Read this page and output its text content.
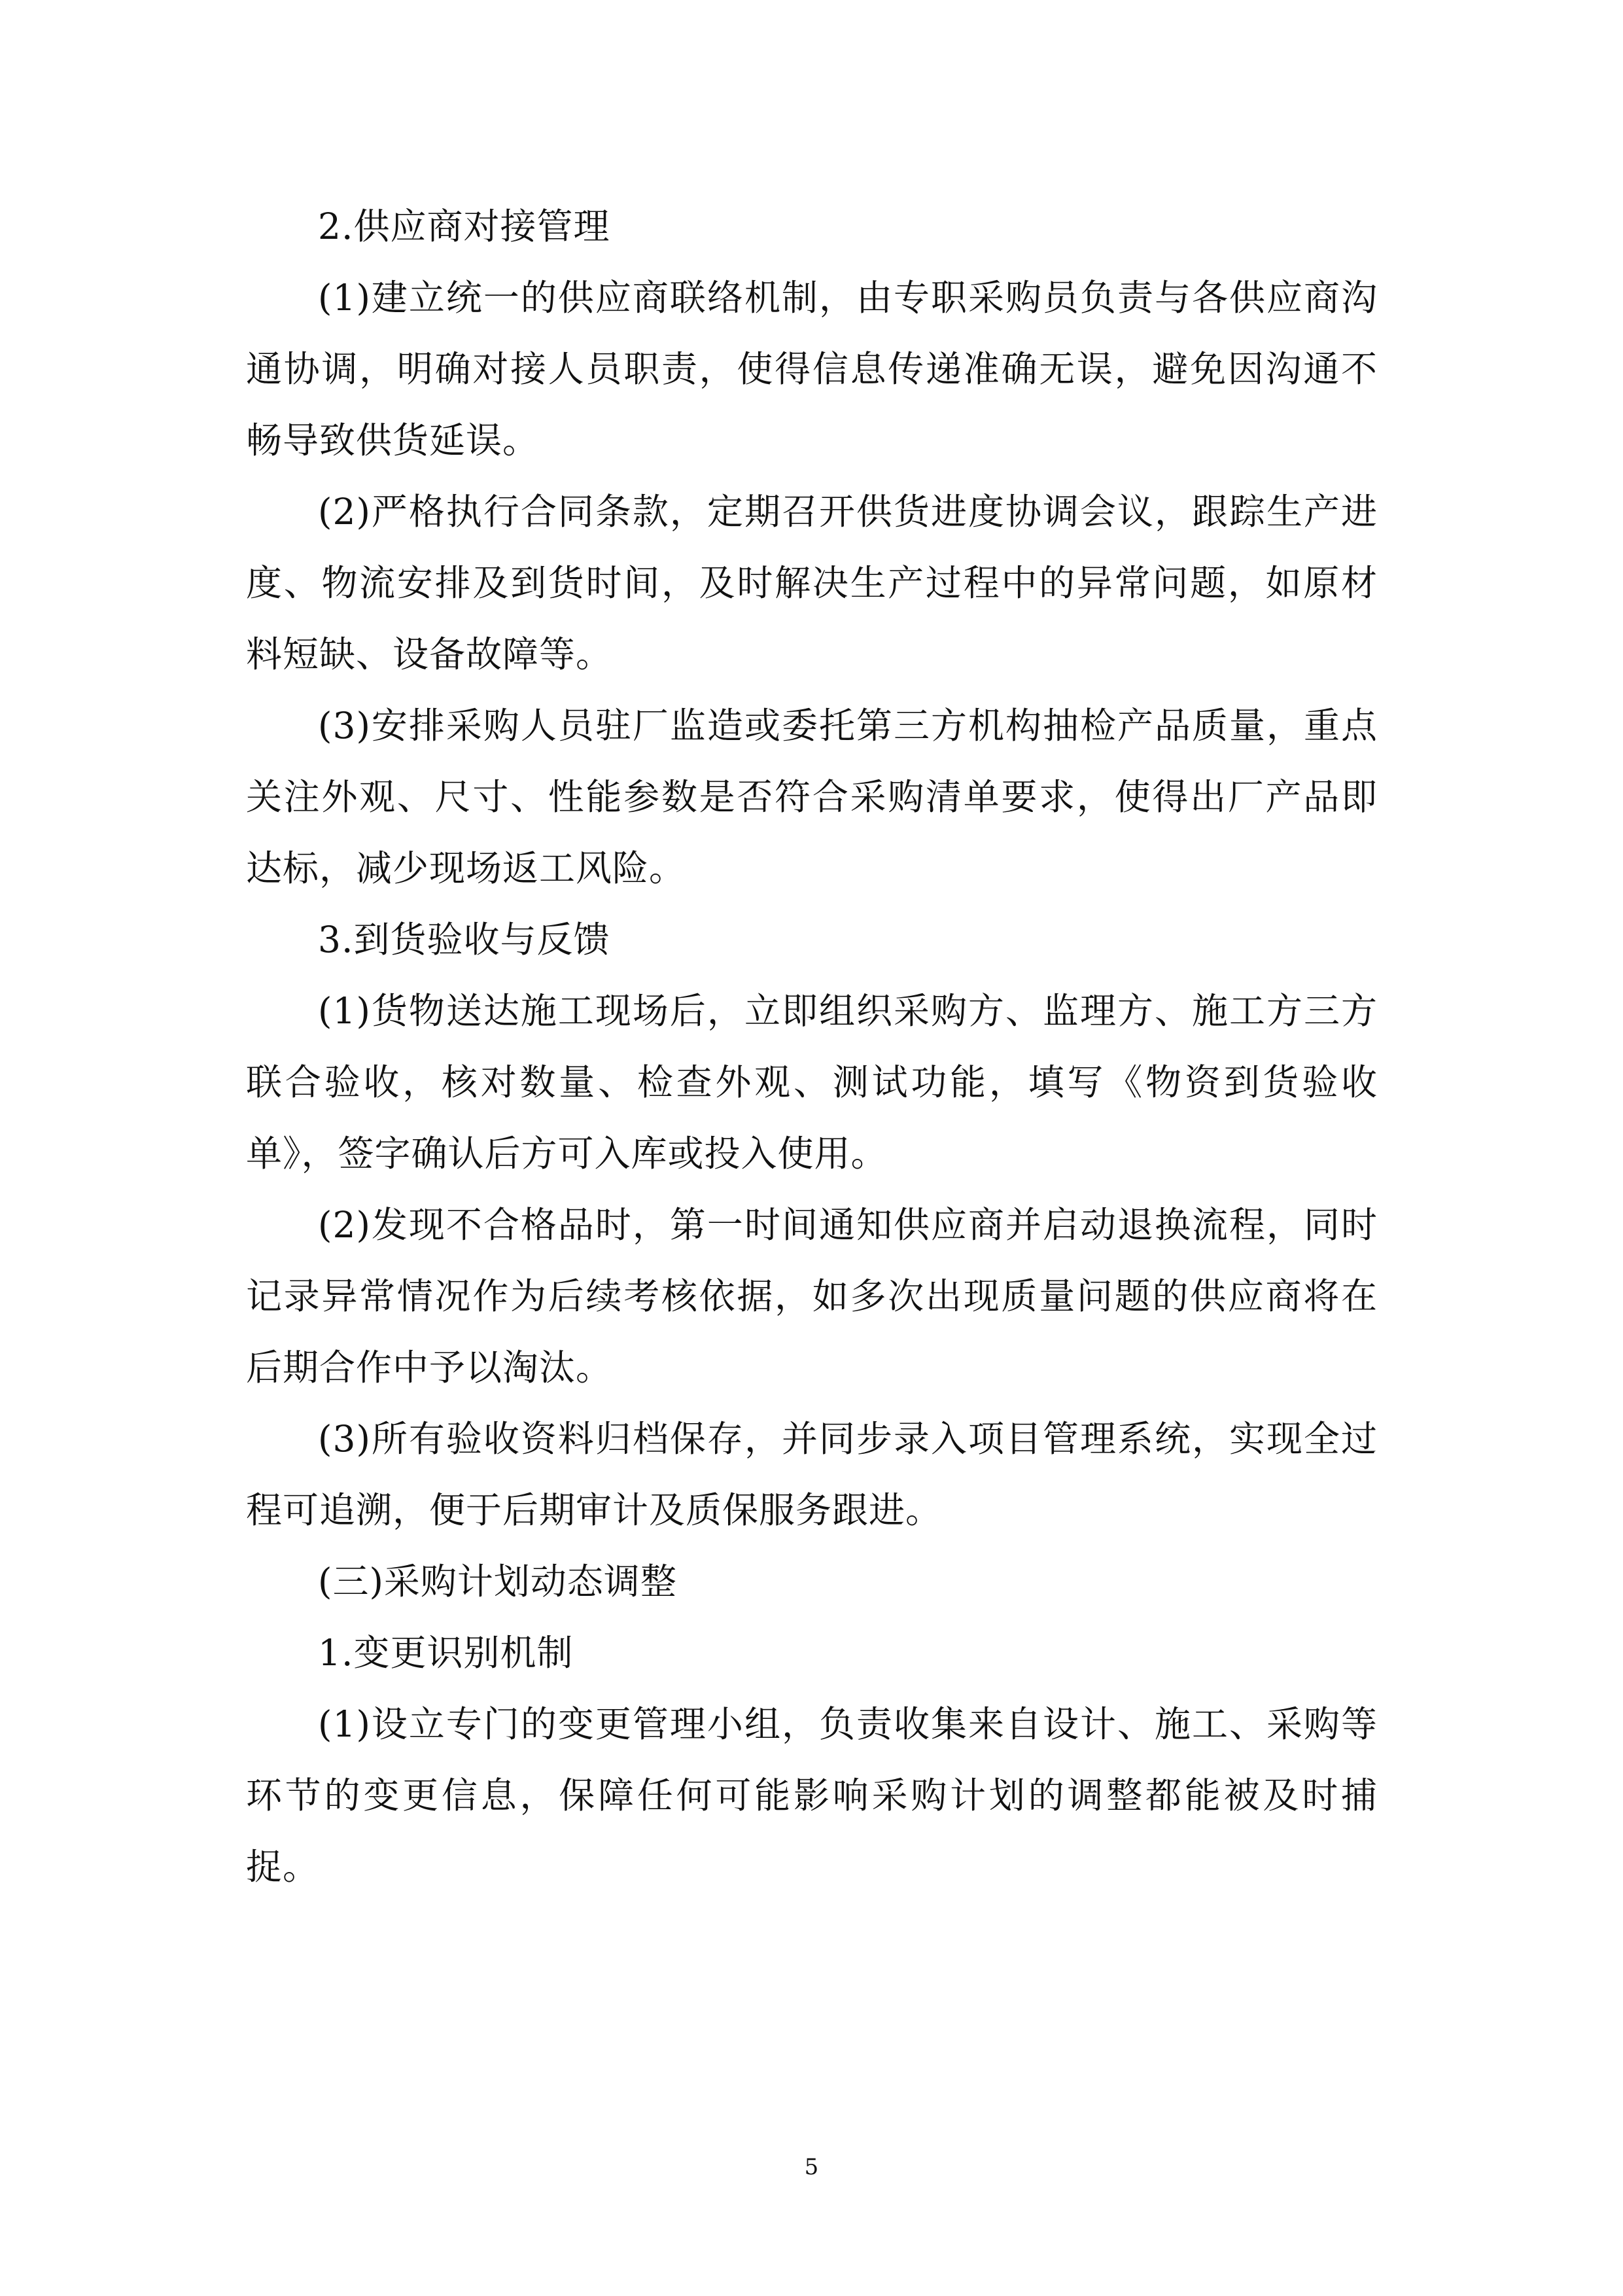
2.供应商对接管理

(1)建立统一的供应商联络机制，由专职采购员负责与各供应商沟通协调，明确对接人员职责，使得信息传递准确无误，避免因沟通不畅导致供货延误。

(2)严格执行合同条款，定期召开供货进度协调会议，跟踪生产进度、物流安排及到货时间，及时解决生产过程中的异常问题，如原材料短缺、设备故障等。

(3)安排采购人员驻厂监造或委托第三方机构抽检产品质量，重点关注外观、尺寸、性能参数是否符合采购清单要求，使得出厂产品即达标，减少现场返工风险。

3.到货验收与反馈

(1)货物送达施工现场后，立即组织采购方、监理方、施工方三方联合验收，核对数量、检查外观、测试功能，填写《物资到货验收单》，签字确认后方可入库或投入使用。

(2)发现不合格品时，第一时间通知供应商并启动退换流程，同时记录异常情况作为后续考核依据，如多次出现质量问题的供应商将在后期合作中予以淘汰。

(3)所有验收资料归档保存，并同步录入项目管理系统，实现全过程可追溯，便于后期审计及质保服务跟进。

(三)采购计划动态调整

1.变更识别机制

(1)设立专门的变更管理小组，负责收集来自设计、施工、采购等环节的变更信息，保障任何可能影响采购计划的调整都能被及时捕捉。

5
